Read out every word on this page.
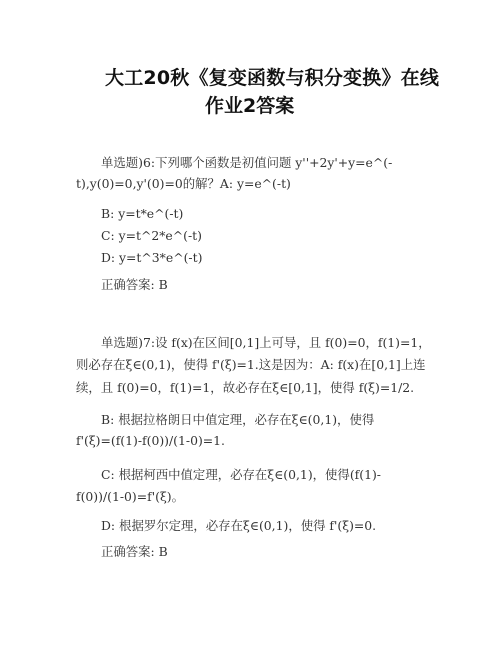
大工20秋《复变函数与积分变换》在线
作业2答案
单选题)6:下列哪个函数是初值问题 y''+2y'+y=e^(-
t),y(0)=0,y'(0)=0的解？A: y=e^(-t)
B: y=t*e^(-t)
C: y=t^2*e^(-t)
D: y=t^3*e^(-t)
正确答案: B
单选题)7:设 f(x)在区间[0,1]上可导，且 f(0)=0，f(1)=1，
则必存在ξ∈(0,1)，使得 f'(ξ)=1.这是因为：A: f(x)在[0,1]上连
续，且 f(0)=0，f(1)=1，故必存在ξ∈[0,1]，使得 f(ξ)=1/2.
B: 根据拉格朗日中值定理，必存在ξ∈(0,1)，使得
f'(ξ)=(f(1)-f(0))/(1-0)=1.
C: 根据柯西中值定理，必存在ξ∈(0,1)，使得(f(1)-
f(0))/(1-0)=f'(ξ)。
D: 根据罗尔定理，必存在ξ∈(0,1)，使得 f'(ξ)=0.
正确答案: B
